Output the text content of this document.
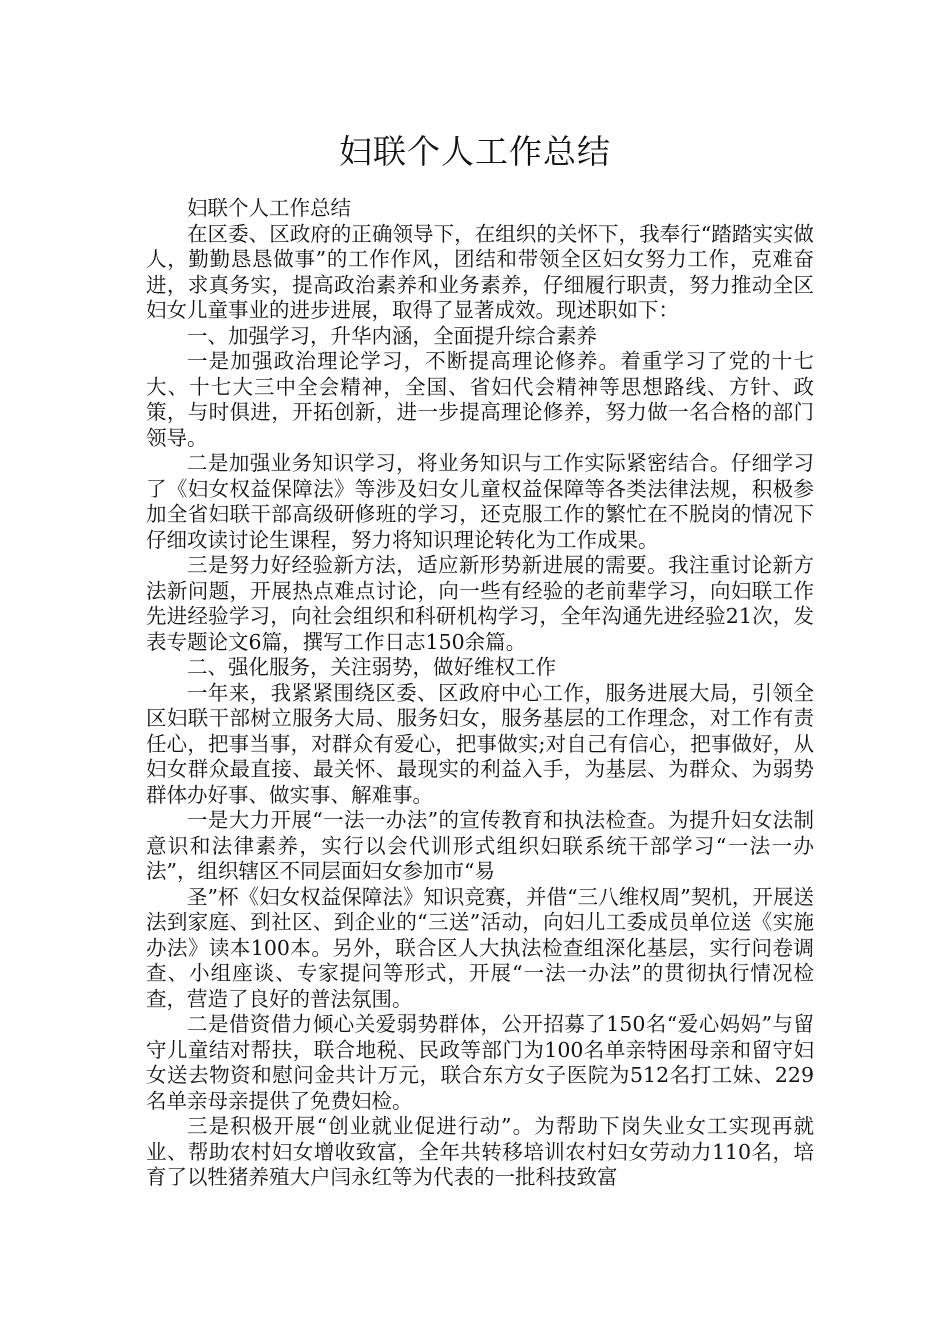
妇联个人工作总结

妇联个人工作总结

在区委、区政府的正确领导下，在组织的关怀下，我奉行“踏踏实实做人，勤勤恳恳做事”的工作作风，团结和带领全区妇女努力工作，克难奋进，求真务实，提高政治素养和业务素养，仔细履行职责，努力推动全区妇女儿童事业的进步进展，取得了显著成效。现述职如下：

一、加强学习，升华内涵，全面提升综合素养

一是加强政治理论学习，不断提高理论修养。着重学习了党的十七大、十七大三中全会精神，全国、省妇代会精神等思想路线、方针、政策，与时俱进，开拓创新，进一步提高理论修养，努力做一名合格的部门领导。

二是加强业务知识学习，将业务知识与工作实际紧密结合。仔细学习了《妇女权益保障法》等涉及妇女儿童权益保障等各类法律法规，积极参加全省妇联干部高级研修班的学习，还克服工作的繁忙在不脱岗的情况下仔细攻读讨论生课程，努力将知识理论转化为工作成果。

三是努力好经验新方法，适应新形势新进展的需要。我注重讨论新方法新问题，开展热点难点讨论，向一些有经验的老前辈学习，向妇联工作先进经验学习，向社会组织和科研机构学习，全年沟通先进经验21次，发表专题论文6篇，撰写工作日志150余篇。

二、强化服务，关注弱势，做好维权工作

一年来，我紧紧围绕区委、区政府中心工作，服务进展大局，引领全区妇联干部树立服务大局、服务妇女，服务基层的工作理念，对工作有责任心，把事当事，对群众有爱心，把事做实;对自己有信心，把事做好，从妇女群众最直接、最关怀、最现实的利益入手，为基层、为群众、为弱势群体办好事、做实事、解难事。

一是大力开展“一法一办法”的宣传教育和执法检查。为提升妇女法制意识和法律素养，实行以会代训形式组织妇联系统干部学习“一法一办法”，组织辖区不同层面妇女参加市“易

圣”杯《妇女权益保障法》知识竞赛，并借“三八维权周”契机，开展送法到家庭、到社区、到企业的“三送”活动，向妇儿工委成员单位送《实施办法》读本100本。另外，联合区人大执法检查组深化基层，实行问卷调查、小组座谈、专家提问等形式，开展“一法一办法”的贯彻执行情况检查，营造了良好的普法氛围。

二是借资借力倾心关爱弱势群体，公开招募了150名“爱心妈妈”与留守儿童结对帮扶，联合地税、民政等部门为100名单亲特困母亲和留守妇女送去物资和慰问金共计万元，联合东方女子医院为512名打工妹、229名单亲母亲提供了免费妇检。

三是积极开展“创业就业促进行动”。为帮助下岗失业女工实现再就业、帮助农村妇女增收致富，全年共转移培训农村妇女劳动力110名，培育了以牲猪养殖大户闫永红等为代表的一批科技致富
